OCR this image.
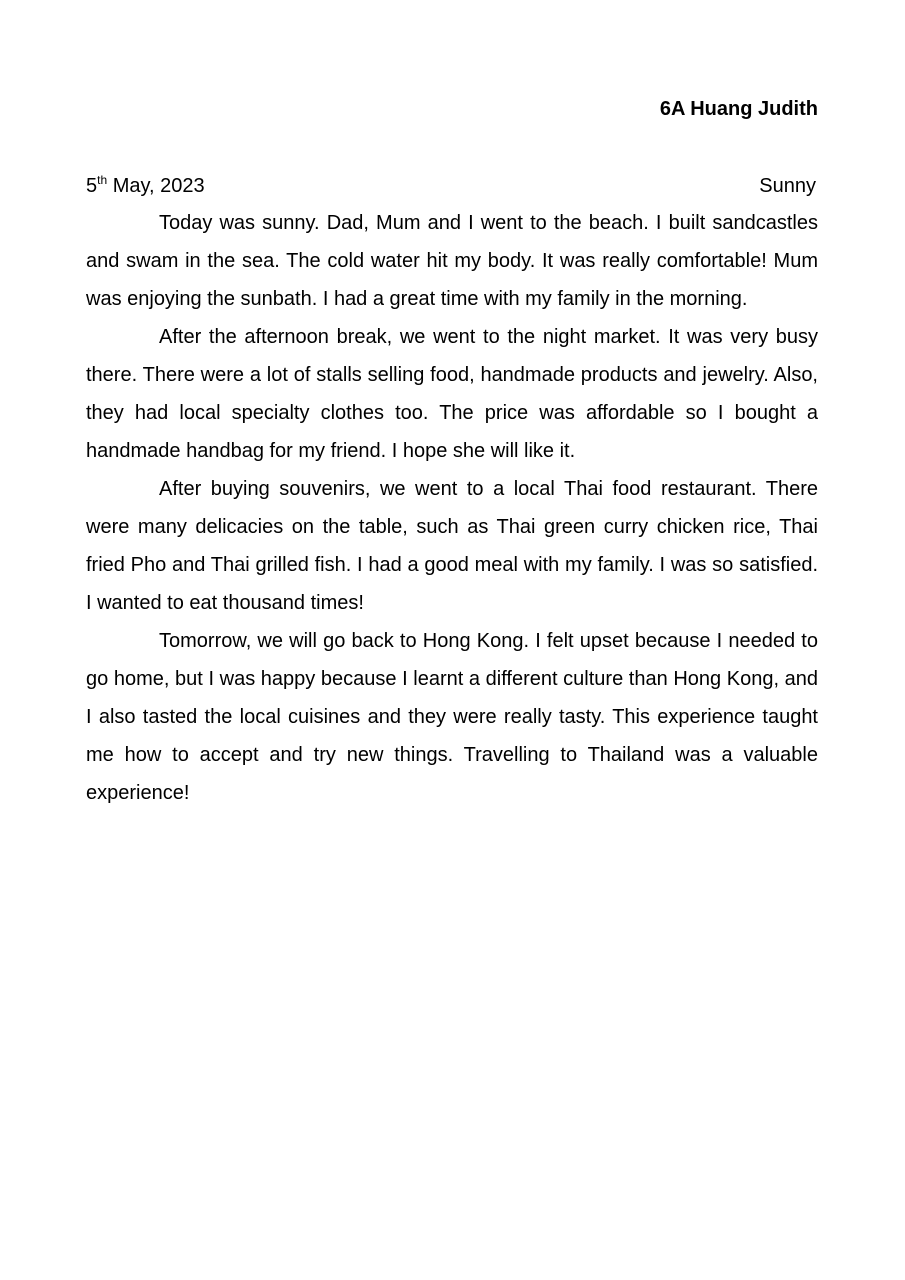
6A Huang Judith
5th May, 2023	Sunny

Today was sunny. Dad, Mum and I went to the beach. I built sandcastles and swam in the sea. The cold water hit my body. It was really comfortable! Mum was enjoying the sunbath. I had a great time with my family in the morning.

After the afternoon break, we went to the night market. It was very busy there. There were a lot of stalls selling food, handmade products and jewelry. Also, they had local specialty clothes too. The price was affordable so I bought a handmade handbag for my friend. I hope she will like it.

After buying souvenirs, we went to a local Thai food restaurant. There were many delicacies on the table, such as Thai green curry chicken rice, Thai fried Pho and Thai grilled fish. I had a good meal with my family. I was so satisfied. I wanted to eat thousand times!

Tomorrow, we will go back to Hong Kong. I felt upset because I needed to go home, but I was happy because I learnt a different culture than Hong Kong, and I also tasted the local cuisines and they were really tasty. This experience taught me how to accept and try new things. Travelling to Thailand was a valuable experience!
